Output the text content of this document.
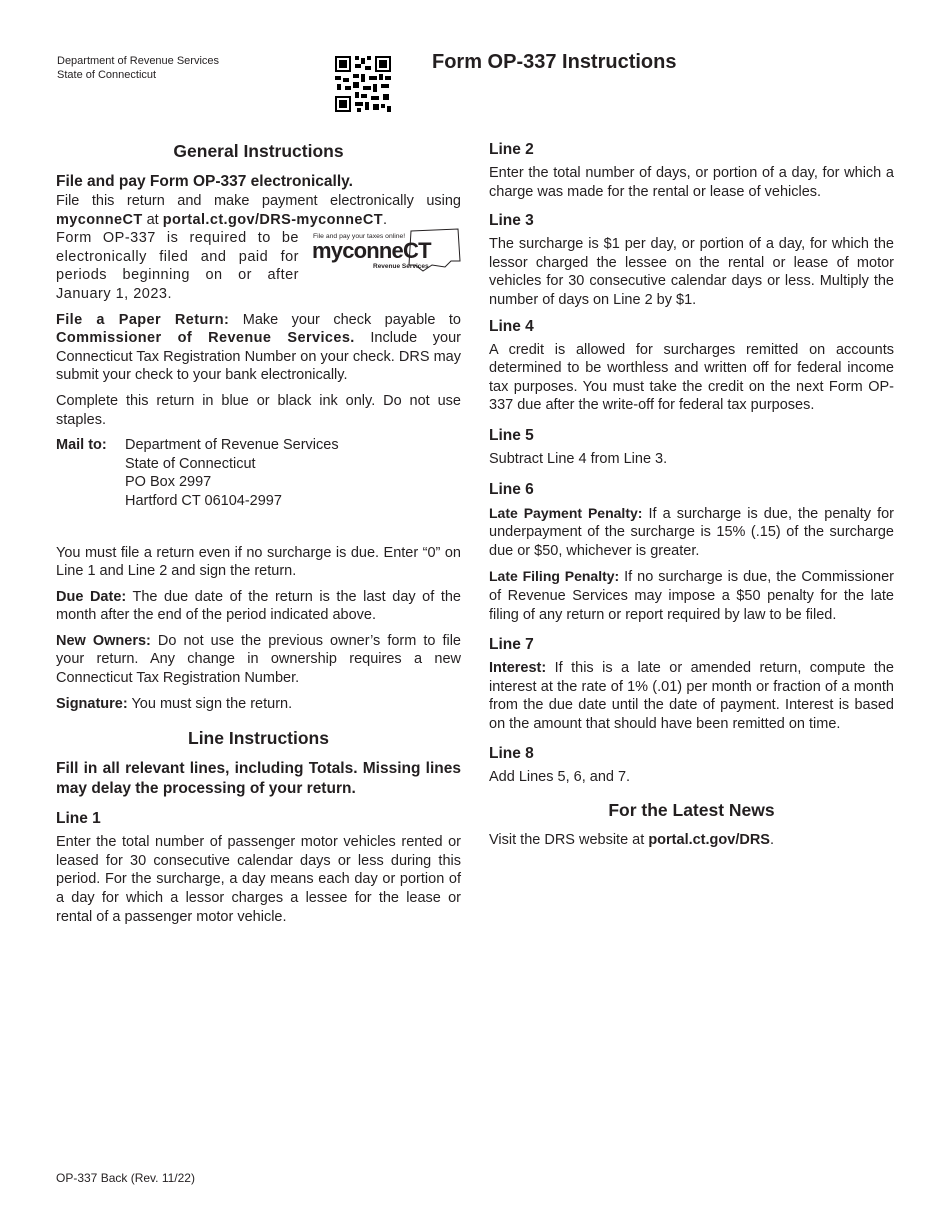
Department of Revenue Services
State of Connecticut
Form OP-337 Instructions
General Instructions
File and pay Form OP-337 electronically.

File this return and make payment electronically using myconneCT at portal.ct.gov/DRS-myconneCT.

File and pay your taxes online!
myconneCT
Revenue Services

Form OP-337 is required to be electronically filed and paid for periods beginning on or after January 1, 2023.

File a Paper Return: Make your check payable to Commissioner of Revenue Services. Include your Connecticut Tax Registration Number on your check. DRS may submit your check to your bank electronically.

Complete this return in blue or black ink only. Do not use staples.

Mail to:	Department of Revenue Services
State of Connecticut
PO Box 2997
Hartford CT 06104-2997

You must file a return even if no surcharge is due. Enter “0” on Line 1 and Line 2 and sign the return.

Due Date: The due date of the return is the last day of the month after the end of the period indicated above.

New Owners: Do not use the previous owner’s form to file your return. Any change in ownership requires a new Connecticut Tax Registration Number.

Signature: You must sign the return.

Line Instructions
Fill in all relevant lines, including Totals. Missing lines may delay the processing of your return.
Line 1

Enter the total number of passenger motor vehicles rented or leased for 30 consecutive calendar days or less during this period. For the surcharge, a day means each day or portion of a day for which a lessor charges a lessee for the lease or rental of a passenger motor vehicle.

Line 2

Enter the total number of days, or portion of a day, for which a charge was made for the rental or lease of vehicles.

Line 3

The surcharge is $1 per day, or portion of a day, for which the lessor charged the lessee on the rental or lease of motor vehicles for 30 consecutive calendar days or less. Multiply the number of days on Line 2 by $1.

Line 4

A credit is allowed for surcharges remitted on accounts determined to be worthless and written off for federal income tax purposes. You must take the credit on the next Form OP-337 due after the write-off for federal tax purposes.

Line 5

Subtract Line 4 from Line 3.

Line 6

Late Payment Penalty: If a surcharge is due, the penalty for underpayment of the surcharge is 15% (.15) of the surcharge due or $50, whichever is greater.

Late Filing Penalty: If no surcharge is due, the Commissioner of Revenue Services may impose a $50 penalty for the late filing of any return or report required by law to be filed.

Line 7

Interest: If this is a late or amended return, compute the interest at the rate of 1% (.01) per month or fraction of a month from the due date until the date of payment. Interest is based on the amount that should have been remitted on time.

Line 8

Add Lines 5, 6, and 7.

For the Latest News

Visit the DRS website at portal.ct.gov/DRS.

OP-337 Back (Rev. 11/22)
